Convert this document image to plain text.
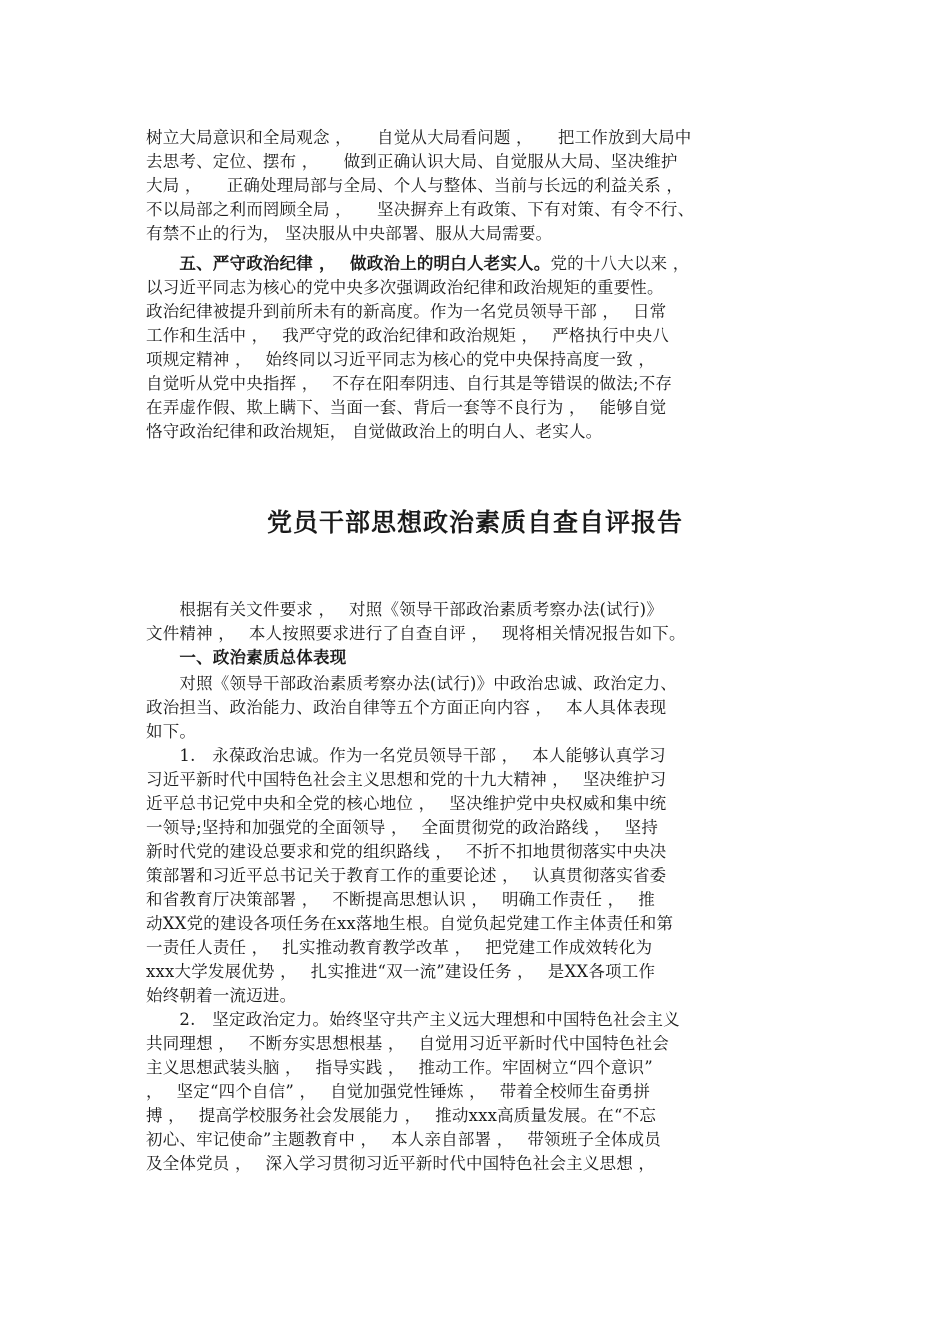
树立大局意识和全局观念 ，　　自觉从大局看问题 ，　　把工作放到大局中
去思考、定位、摆布 ，　　做到正确认识大局、自觉服从大局、坚决维护
大局 ，　　正确处理局部与全局、个人与整体、当前与长远的利益关系 ，
不以局部之利而罔顾全局 ，　　坚决摒弃上有政策、下有对策、有令不行、
有禁不止的行为， 坚决服从中央部署、服从大局需要。
　　五、严守政治纪律 ，　 做政治上的明白人老实人。党的十八大以来 ，
以习近平同志为核心的党中央多次强调政治纪律和政治规矩的重要性。
政治纪律被提升到前所未有的新高度。作为一名党员领导干部 ，　 日常
工作和生活中 ，　 我严守党的政治纪律和政治规矩 ，　 严格执行中央八
项规定精神 ，　 始终同以习近平同志为核心的党中央保持高度一致 ，
自觉听从党中央指挥 ，　 不存在阳奉阴违、自行其是等错误的做法;不存
在弄虚作假、欺上瞒下、当面一套、背后一套等不良行为 ，　 能够自觉
恪守政治纪律和政治规矩， 自觉做政治上的明白人、老实人。
党员干部思想政治素质自查自评报告
　　根据有关文件要求 ，　 对照《领导干部政治素质考察办法(试行)》
文件精神 ，　 本人按照要求进行了自查自评 ，　 现将相关情况报告如下。
　　一、政治素质总体表现
　　对照《领导干部政治素质考察办法(试行)》中政治忠诚、政治定力、
政治担当、政治能力、政治自律等五个方面正向内容 ，　 本人具体表现
如下。
　　1.　永葆政治忠诚。作为一名党员领导干部 ，　 本人能够认真学习
习近平新时代中国特色社会主义思想和党的十九大精神 ，　 坚决维护习
近平总书记党中央和全党的核心地位 ，　 坚决维护党中央权威和集中统
一领导;坚持和加强党的全面领导 ，　 全面贯彻党的政治路线 ，　 坚持
新时代党的建设总要求和党的组织路线 ，　 不折不扣地贯彻落实中央决
策部署和习近平总书记关于教育工作的重要论述 ，　 认真贯彻落实省委
和省教育厅决策部署 ，　 不断提高思想认识 ，　 明确工作责任 ，　 推
动XX党的建设各项任务在xx落地生根。自觉负起党建工作主体责任和第
一责任人责任 ，　 扎实推动教育教学改革 ，　 把党建工作成效转化为
xxx大学发展优势 ，　 扎实推进“双一流”建设任务 ，　 是XX各项工作
始终朝着一流迈进。
　　2.　坚定政治定力。始终坚守共产主义远大理想和中国特色社会主义
共同理想 ，　 不断夯实思想根基 ，　 自觉用习近平新时代中国特色社会
主义思想武装头脑 ，　 指导实践 ，　 推动工作。牢固树立“四个意识”
，　 坚定“四个自信” ，　 自觉加强党性锤炼 ，　 带着全校师生奋勇拼
搏 ，　 提高学校服务社会发展能力 ，　 推动xxx高质量发展。在“不忘
初心、牢记使命”主题教育中 ，　 本人亲自部署 ，　 带领班子全体成员
及全体党员 ，　 深入学习贯彻习近平新时代中国特色社会主义思想 ，
